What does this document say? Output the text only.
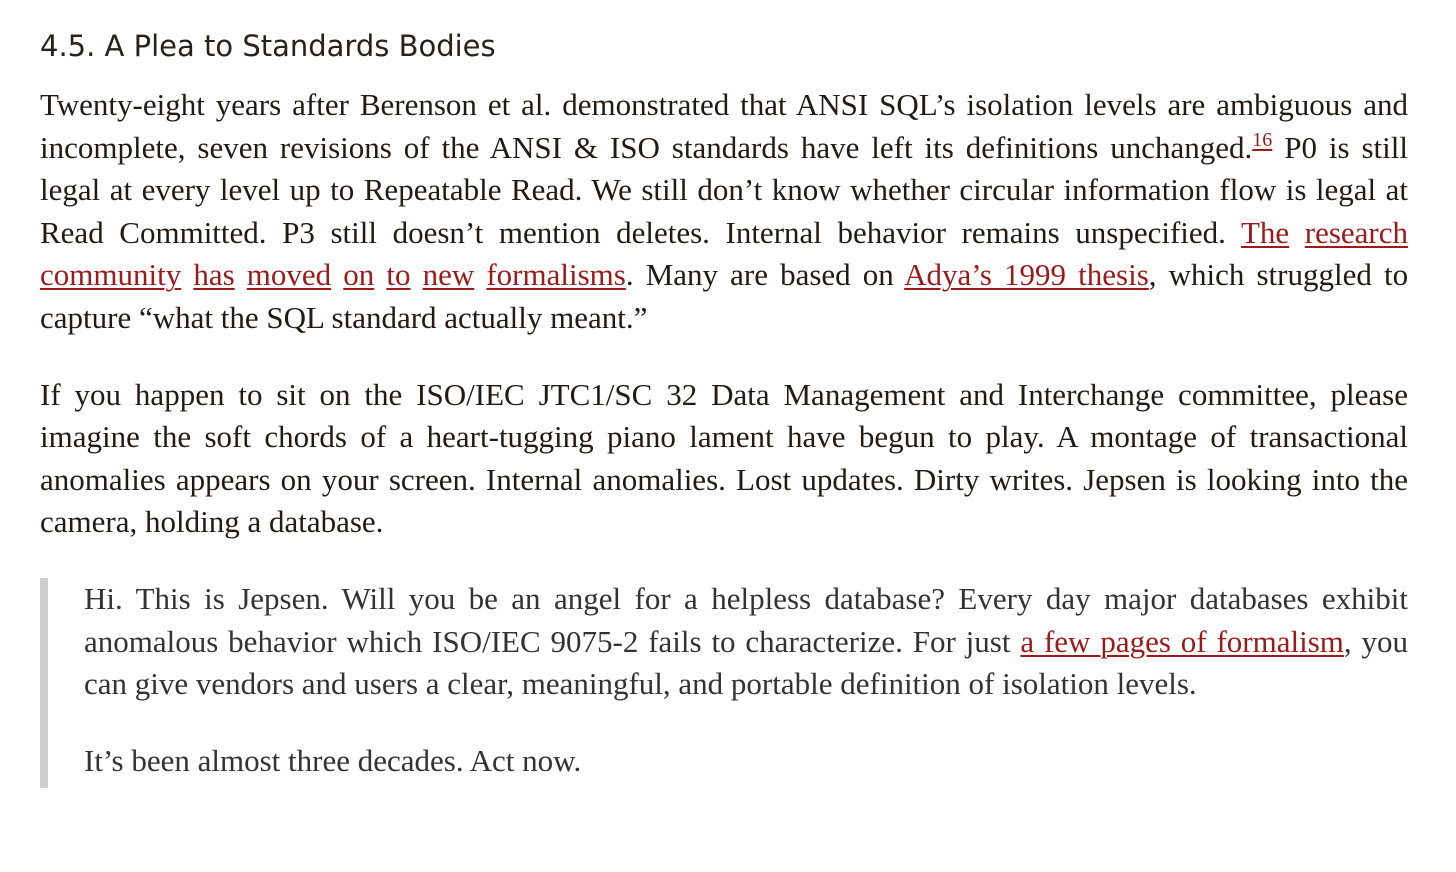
4.5. A Plea to Standards Bodies

Twenty-eight years after Berenson et al. demonstrated that ANSI SQL’s isolation levels are ambiguous and incomplete, seven revisions of the ANSI & ISO standards have left its definitions unchanged.$^{16}$ P0 is still legal at every level up to Repeatable Read. We still don’t know whether circular information flow is legal at Read Committed. P3 still doesn’t mention deletes. Internal behavior remains unspecified. The research community has moved on to new formalisms. Many are based on Adya’s 1999 thesis, which struggled to capture “what the SQL standard actually meant.”

If you happen to sit on the ISO/IEC JTC1/SC 32 Data Management and Interchange committee, please imagine the soft chords of a heart-tugging piano lament have begun to play. A montage of transactional anomalies appears on your screen. Internal anomalies. Lost updates. Dirty writes. Jepsen is looking into the camera, holding a database.

Hi. This is Jepsen. Will you be an angel for a helpless database? Every day major databases exhibit anomalous behavior which ISO/IEC 9075-2 fails to characterize. For just a few pages of formalism, you can give vendors and users a clear, meaningful, and portable definition of isolation levels.

It’s been almost three decades. Act now.
